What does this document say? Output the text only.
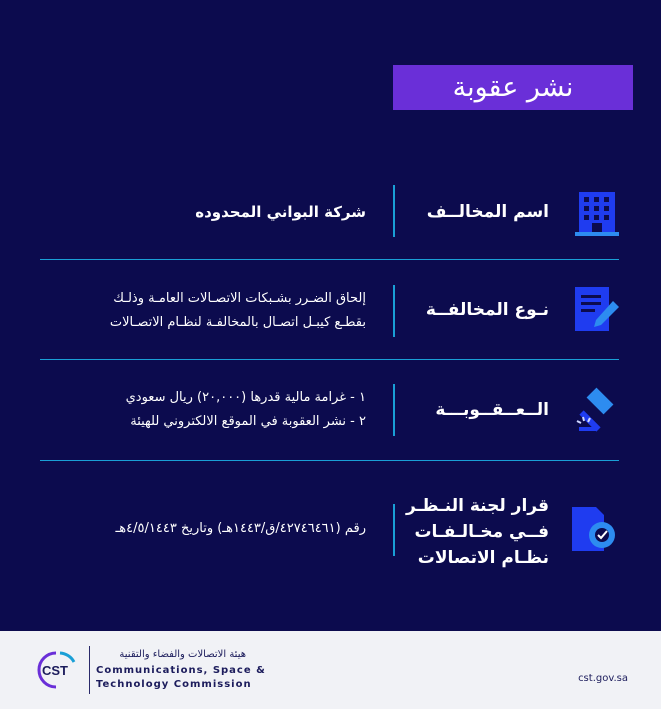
نشر عقوبة
اسم المخالــف
شركة البواني المحدوده
نـوع المخالفــة
إلحاق الضـرر بشـبكات الاتصـالات العامـة وذلـك
بقطـع كيبـل اتصـال بالمخالفـة لنظـام الاتصـالات
الــعــقــوبـــة
١ - غرامة مالية قدرها (٢٠,٠٠٠) ريال سعودي
٢ - نشر العقوبة في الموقع الالكتروني للهيئة
قرار لجنة النـظـر
فــي مخـالـفـات
نظـام الاتصالات
رقم (٤٢٧٤٦٤٦١/ق/١٤٤٣هـ) وتاريخ ٤/٥/١٤٤٣هـ
CST
هيئة الاتصالات والفضاء والتقنية
Communications, Space &
Technology Commission
cst.gov.sa
